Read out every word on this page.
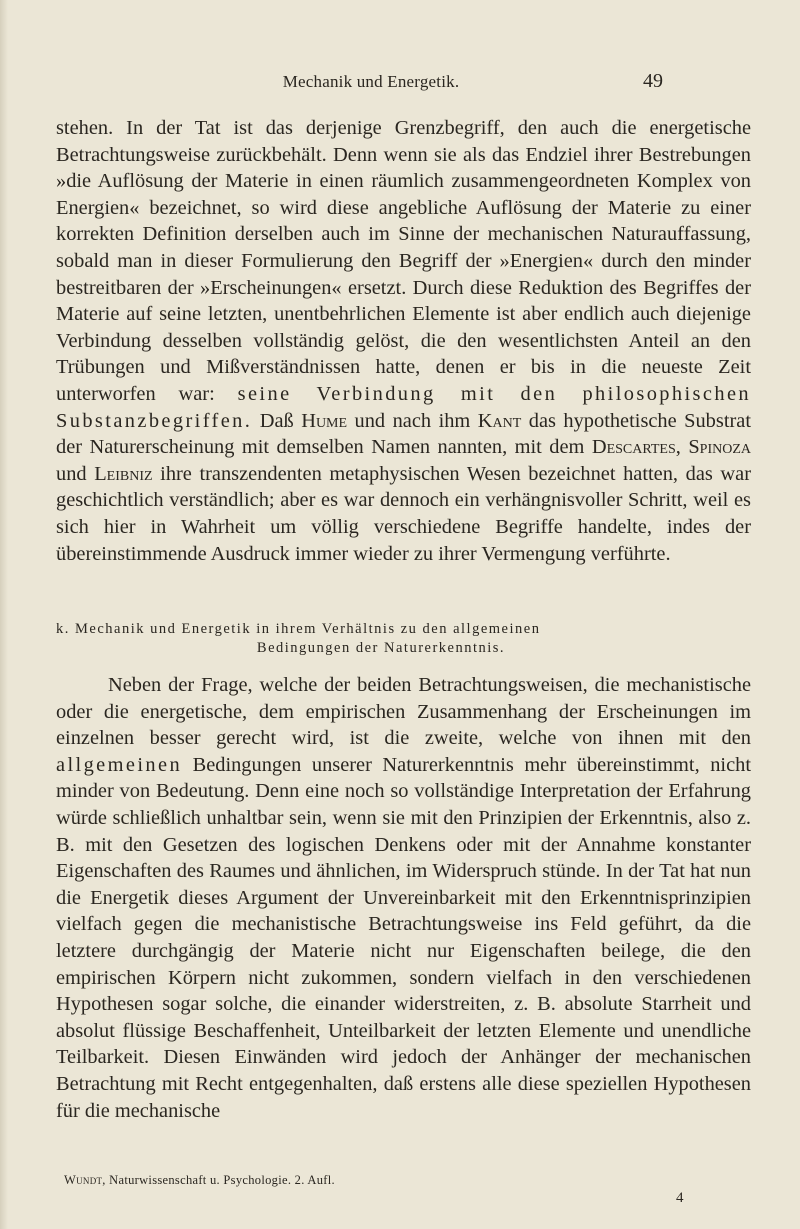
Mechanik und Energetik.	49

stehen. In der Tat ist das derjenige Grenzbegriff, den auch die energetische Betrachtungsweise zurückbehält. Denn wenn sie als das Endziel ihrer Bestrebungen »die Auflösung der Materie in einen räumlich zusammengeordneten Komplex von Energien« bezeichnet, so wird diese angebliche Auflösung der Materie zu einer korrekten Definition derselben auch im Sinne der mechanischen Naturauffassung, sobald man in dieser Formulierung den Begriff der »Energien« durch den minder bestreitbaren der »Erscheinungen« ersetzt. Durch diese Reduktion des Begriffes der Materie auf seine letzten, unentbehrlichen Elemente ist aber endlich auch diejenige Verbindung desselben vollständig gelöst, die den wesentlichsten Anteil an den Trübungen und Mißverständnissen hatte, denen er bis in die neueste Zeit unterworfen war: seine Verbindung mit den philosophischen Substanzbegriffen. Daß Hume und nach ihm Kant das hypothetische Substrat der Naturerscheinung mit demselben Namen nannten, mit dem Descartes, Spinoza und Leibniz ihre transzendenten metaphysischen Wesen bezeichnet hatten, das war geschichtlich verständlich; aber es war dennoch ein verhängnisvoller Schritt, weil es sich hier in Wahrheit um völlig verschiedene Begriffe handelte, indes der übereinstimmende Ausdruck immer wieder zu ihrer Vermengung verführte.

k. Mechanik und Energetik in ihrem Verhältnis zu den allgemeinen
Bedingungen der Naturerkenntnis.

Neben der Frage, welche der beiden Betrachtungsweisen, die mechanistische oder die energetische, dem empirischen Zusammenhang der Erscheinungen im einzelnen besser gerecht wird, ist die zweite, welche von ihnen mit den allgemeinen Bedingungen unserer Naturerkenntnis mehr übereinstimmt, nicht minder von Bedeutung. Denn eine noch so vollständige Interpretation der Erfahrung würde schließlich unhaltbar sein, wenn sie mit den Prinzipien der Erkenntnis, also z. B. mit den Gesetzen des logischen Denkens oder mit der Annahme konstanter Eigenschaften des Raumes und ähnlichen, im Widerspruch stünde. In der Tat hat nun die Energetik dieses Argument der Unvereinbarkeit mit den Erkenntnisprinzipien vielfach gegen die mechanistische Betrachtungsweise ins Feld geführt, da die letztere durchgängig der Materie nicht nur Eigenschaften beilege, die den empirischen Körpern nicht zukommen, sondern vielfach in den verschiedenen Hypothesen sogar solche, die einander widerstreiten, z. B. absolute Starrheit und absolut flüssige Beschaffenheit, Unteilbarkeit der letzten Elemente und unendliche Teilbarkeit. Diesen Einwänden wird jedoch der Anhänger der mechanischen Betrachtung mit Recht entgegenhalten, daß erstens alle diese speziellen Hypothesen für die mechanische

Wundt, Naturwissenschaft u. Psychologie. 2. Aufl.
4
